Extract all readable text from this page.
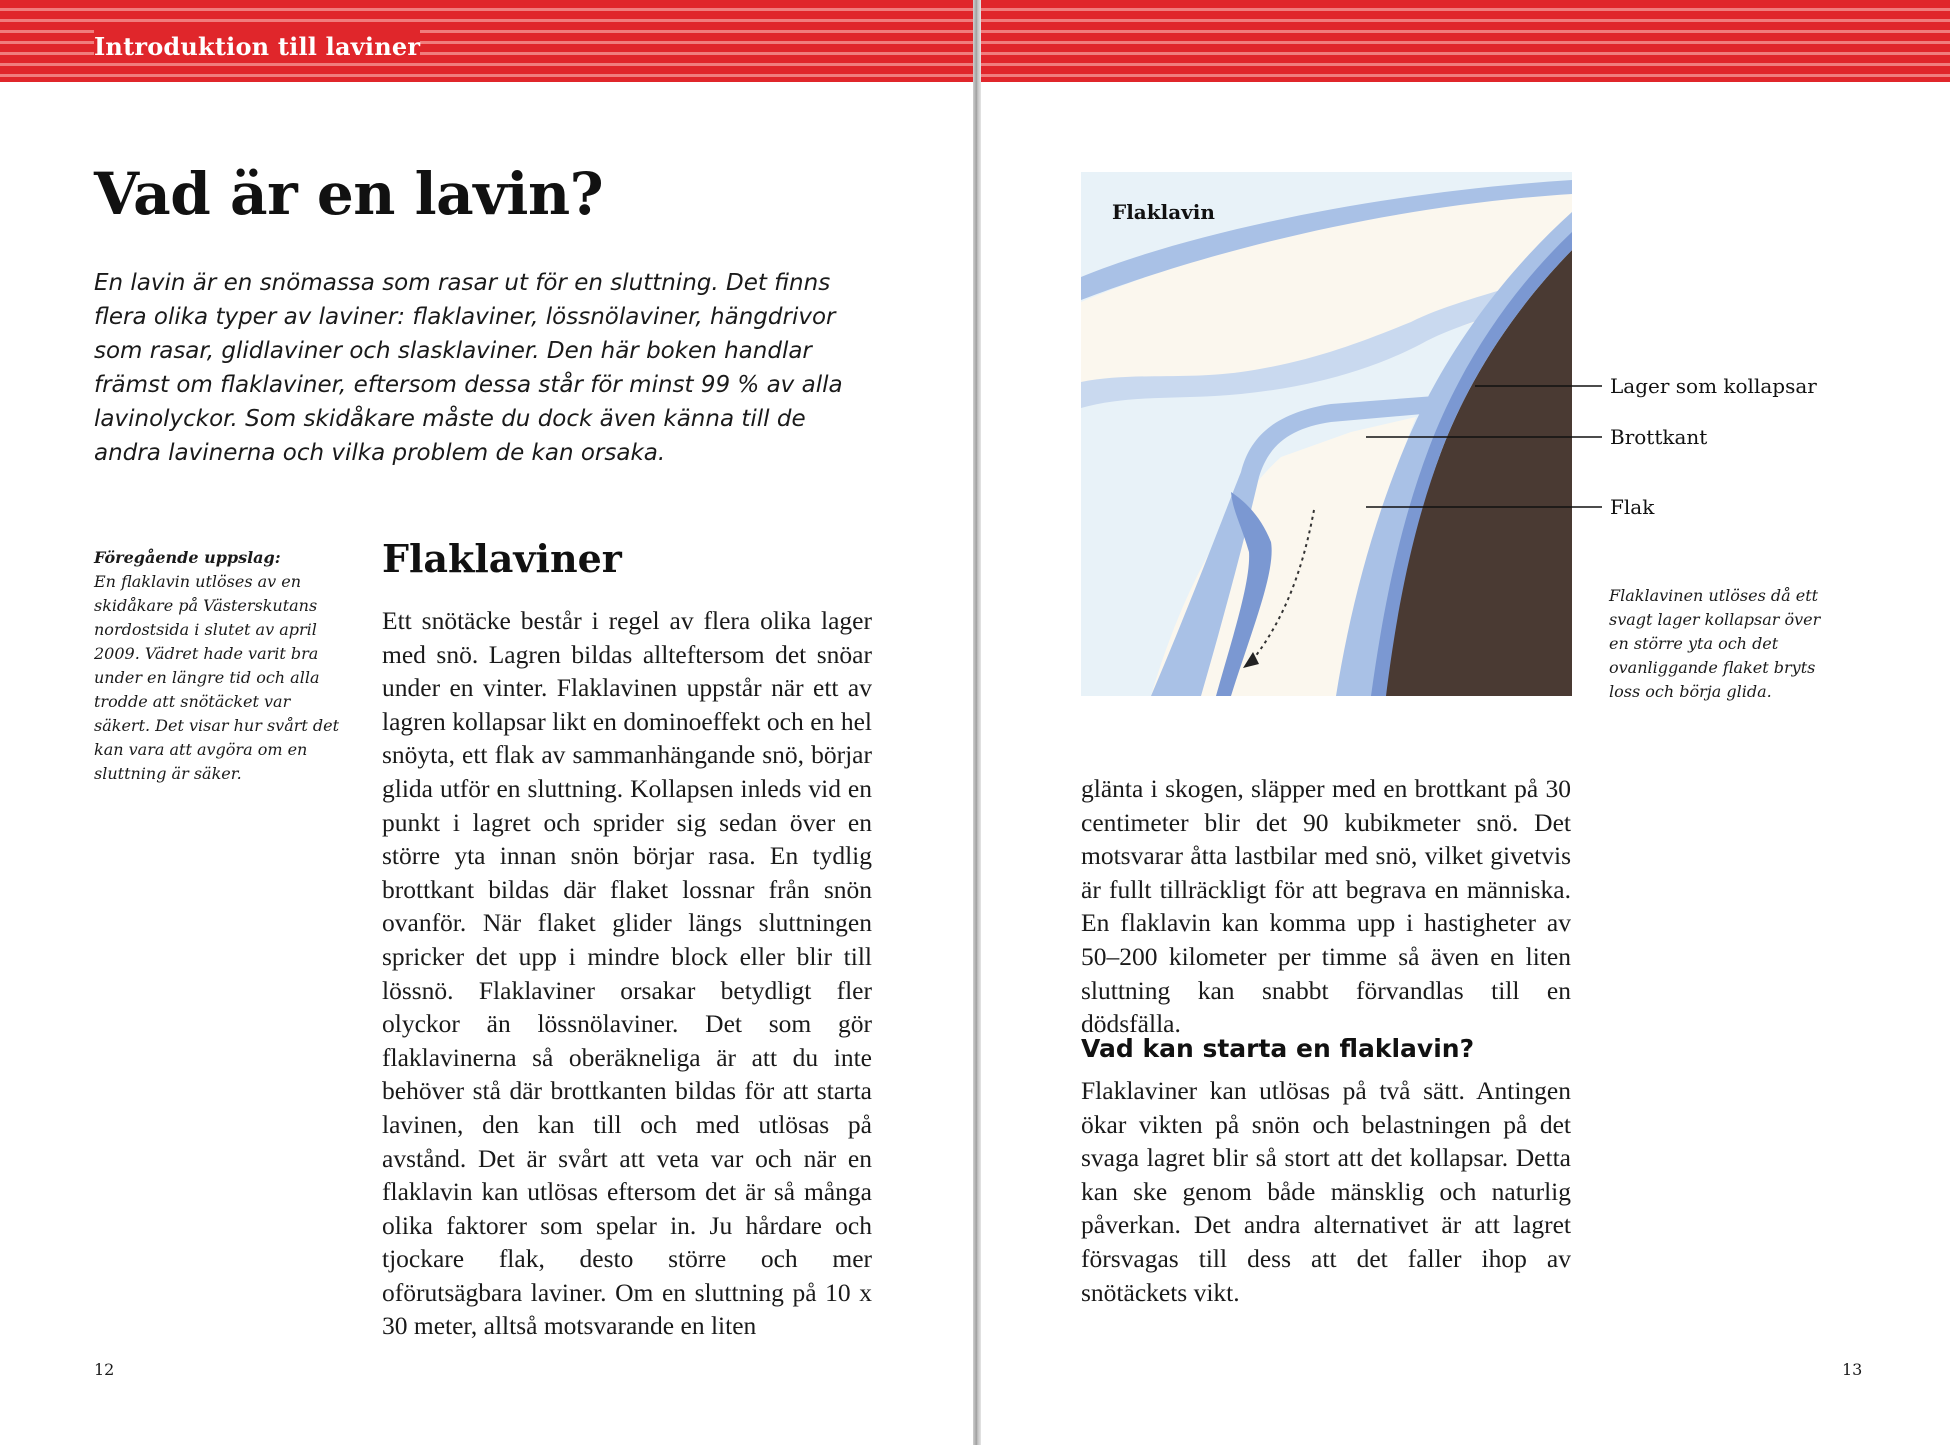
Introduktion till laviner
Vad är en lavin?

En lavin är en snömassa som rasar ut för en sluttning. Det finns flera olika typer av laviner: flaklaviner, lössnölaviner, hängdrivor som rasar, glidlaviner och slasklaviner. Den här boken handlar främst om flaklaviner, eftersom dessa står för minst 99 % av alla lavinolyckor. Som skidåkare måste du dock även känna till de andra lavinerna och vilka problem de kan orsaka.

Föregående uppslag:
En flaklavin utlöses av en skidåkare på Västerskutans nordostsida i slutet av april 2009. Vädret hade varit bra under en längre tid och alla trodde att snötäcket var säkert. Det visar hur svårt det kan vara att avgöra om en sluttning är säker.
Flaklaviner

Ett snötäcke består i regel av flera olika lager med snö. Lagren bildas allteftersom det snöar under en vinter. Flaklavinen uppstår när ett av lagren kollapsar likt en dominoeffekt och en hel snöyta, ett flak av sammanhängande snö, börjar glida utför en sluttning. Kollapsen inleds vid en punkt i lagret och sprider sig sedan över en större yta innan snön börjar rasa. En tydlig brottkant bildas där flaket lossnar från snön ovanför. När flaket glider längs sluttningen spricker det upp i mindre block eller blir till lössnö. Flaklaviner orsakar betydligt fler olyckor än lössnölaviner. Det som gör flaklavinerna så oberäkneliga är att du inte behöver stå där brottkanten bildas för att starta lavinen, den kan till och med utlösas på avstånd. Det är svårt att veta var och när en flaklavin kan utlösas eftersom det är så många olika faktorer som spelar in. Ju hårdare och tjockare flak, desto större och mer oförutsägbara laviner. Om en sluttning på 10 x 30 meter, alltså motsvarande en liten

12
Flaklavin
Lager som kollapsar
Brottkant
Flak

Flaklavinen utlöses då ett svagt lager kollapsar över en större yta och det ovanliggande flaket bryts loss och börja glida.

glänta i skogen, släpper med en brottkant på 30 centimeter blir det 90 kubikmeter snö. Det motsvarar åtta lastbilar med snö, vilket givetvis är fullt tillräckligt för att begrava en människa. En flaklavin kan komma upp i hastigheter av 50–200 kilometer per timme så även en liten sluttning kan snabbt förvandlas till en dödsfälla.

Vad kan starta en flaklavin?

Flaklaviner kan utlösas på två sätt. Antingen ökar vikten på snön och belastningen på det svaga lagret blir så stort att det kollapsar. Detta kan ske genom både mänsklig och naturlig påverkan. Det andra alternativet är att lagret försvagas till dess att det faller ihop av snötäckets vikt.

13
